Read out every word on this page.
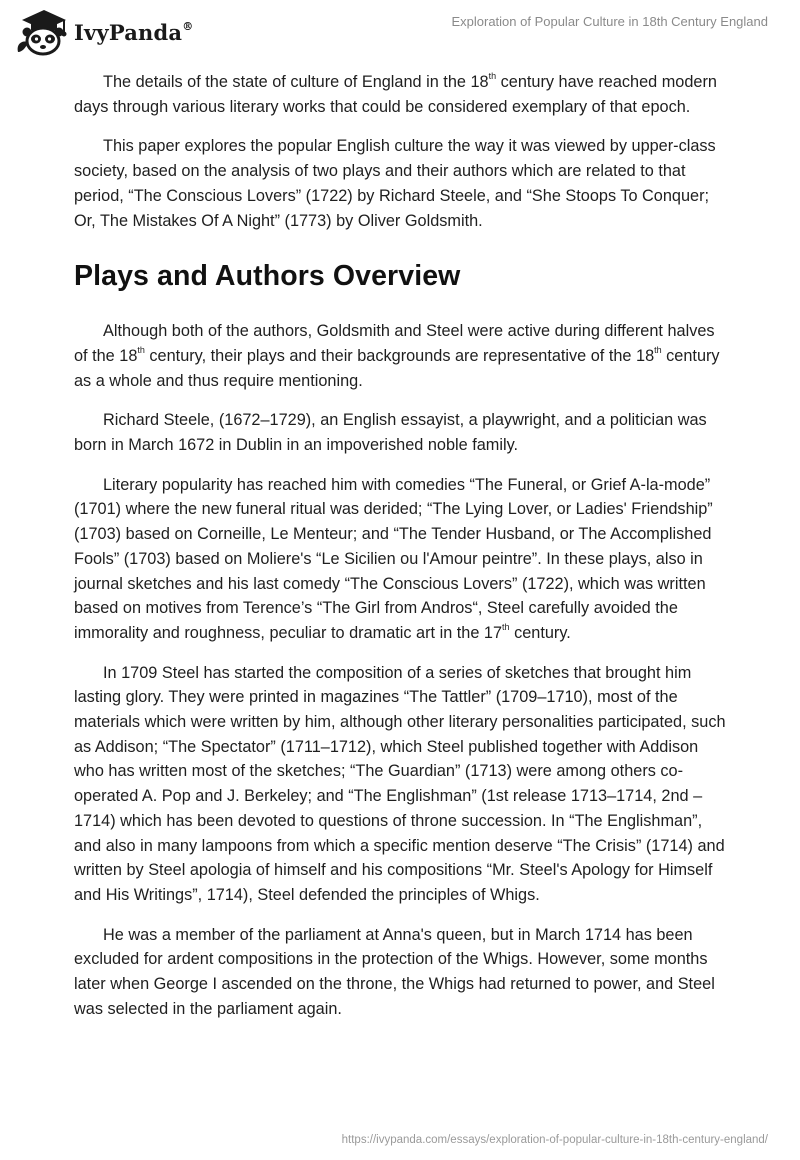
IvyPanda®	Exploration of Popular Culture in 18th Century England

The details of the state of culture of England in the 18th century have reached modern days through various literary works that could be considered exemplary of that epoch.

This paper explores the popular English culture the way it was viewed by upper-class society, based on the analysis of two plays and their authors which are related to that period, “The Conscious Lovers” (1722) by Richard Steele, and “She Stoops To Conquer; Or, The Mistakes Of A Night” (1773) by Oliver Goldsmith.

Plays and Authors Overview

Although both of the authors, Goldsmith and Steel were active during different halves of the 18th century, their plays and their backgrounds are representative of the 18th century as a whole and thus require mentioning.

Richard Steele, (1672–1729), an English essayist, a playwright, and a politician was born in March 1672 in Dublin in an impoverished noble family.

Literary popularity has reached him with comedies “The Funeral, or Grief A-la-mode” (1701) where the new funeral ritual was derided; “The Lying Lover, or Ladies' Friendship” (1703) based on Corneille, Le Menteur; and “The Tender Husband, or The Accomplished Fools” (1703) based on Moliere's “Le Sicilien ou l'Amour peintre”. In these plays, also in journal sketches and his last comedy “The Conscious Lovers” (1722), which was written based on motives from Terence’s “The Girl from Andros“, Steel carefully avoided the immorality and roughness, peculiar to dramatic art in the 17th century.

In 1709 Steel has started the composition of a series of sketches that brought him lasting glory. They were printed in magazines “The Tattler” (1709–1710), most of the materials which were written by him, although other literary personalities participated, such as Addison; “The Spectator” (1711–1712), which Steel published together with Addison who has written most of the sketches; “The Guardian” (1713) were among others co-operated A. Pop and J. Berkeley; and “The Englishman” (1st release 1713–1714, 2nd – 1714) which has been devoted to questions of throne succession. In “The Englishman”, and also in many lampoons from which a specific mention deserve “The Crisis” (1714) and written by Steel apologia of himself and his compositions “Mr. Steel's Apology for Himself and His Writings”, 1714), Steel defended the principles of Whigs.

He was a member of the parliament at Anna's queen, but in March 1714 has been excluded for ardent compositions in the protection of the Whigs. However, some months later when George I ascended on the throne, the Whigs had returned to power, and Steel was selected in the parliament again.

https://ivypanda.com/essays/exploration-of-popular-culture-in-18th-century-england/
